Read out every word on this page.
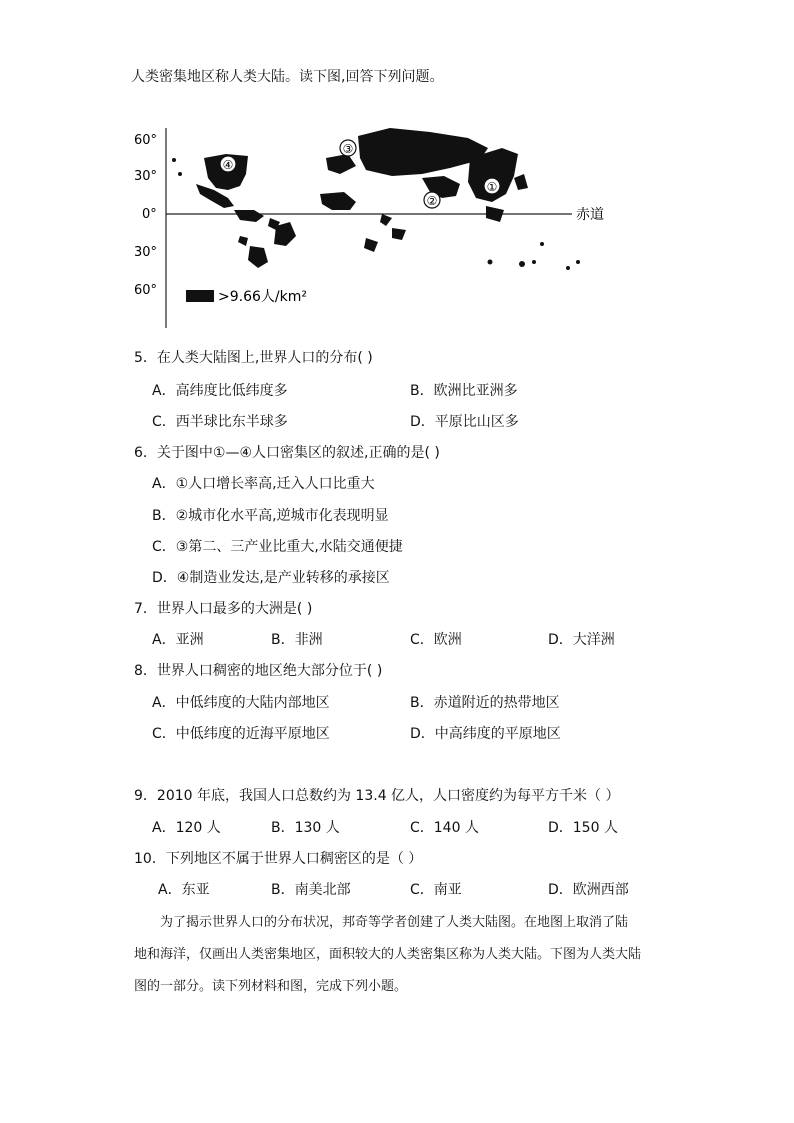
人类密集地区称人类大陆。读下图,回答下列问题。
赤道
60°
30°
0°
30°
60°
①
②
③
④
>9.66人/km²
5．在人类大陆图上,世界人口的分布( )
A．高纬度比低纬度多	B．欧洲比亚洲多
C．西半球比东半球多	D．平原比山区多
6．关于图中①—④人口密集区的叙述,正确的是( )
A．①人口增长率高,迁入人口比重大
B．②城市化水平高,逆城市化表现明显
C．③第二、三产业比重大,水陆交通便捷
D．④制造业发达,是产业转移的承接区
7．世界人口最多的大洲是( )
A．亚洲	B．非洲	C．欧洲	D．大洋洲
8．世界人口稠密的地区绝大部分位于( )
A．中低纬度的大陆内部地区	B．赤道附近的热带地区
C．中低纬度的近海平原地区	D．中高纬度的平原地区
9．2010 年底，我国人口总数约为 13.4 亿人，人口密度约为每平方千米（ ）
A．120 人	B．130 人	C．140 人	D．150 人
10．下列地区不属于世界人口稠密区的是（ ）
A．东亚	B．南美北部	C．南亚	D．欧洲西部
为了揭示世界人口的分布状况，邦奇等学者创建了人类大陆图。在地图上取消了陆
地和海洋，仅画出人类密集地区，面积较大的人类密集区称为人类大陆。下图为人类大陆
图的一部分。读下列材料和图，完成下列小题。
